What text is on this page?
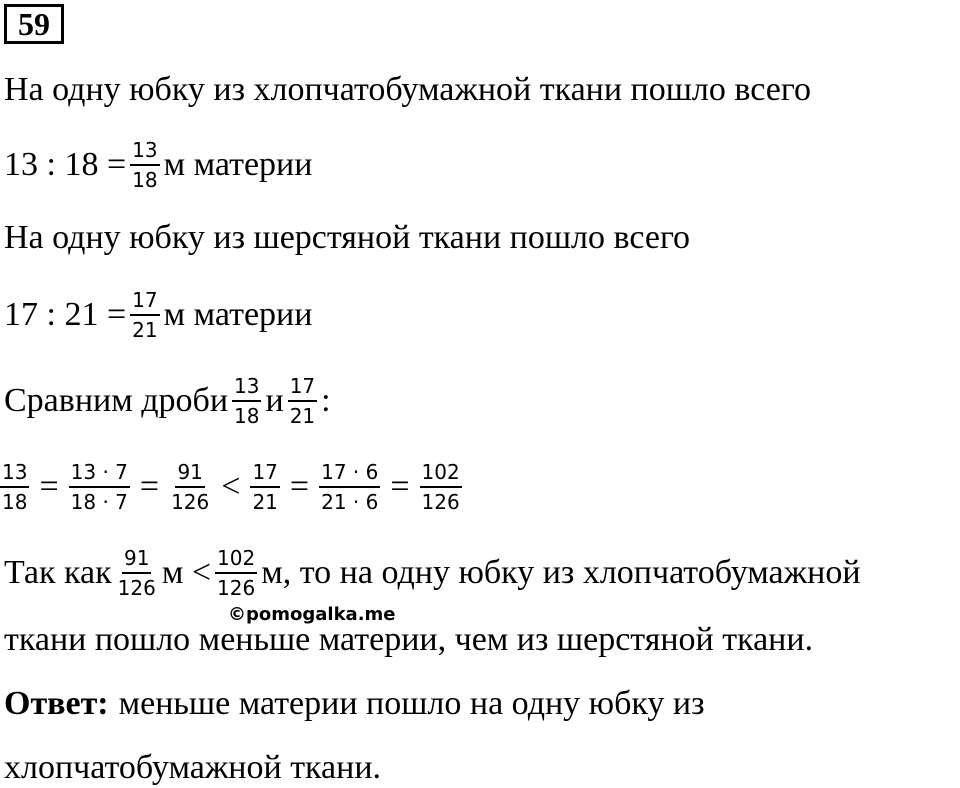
59
На одну юбку из хлопчатобумажной ткани пошло всего
13 : $18 = \frac{13}{18}$ м материи
На одну юбку из шерстяной ткани пошло всего
17 : $21 = \frac{17}{21}$ м материи
Сравним дроби $\frac{13}{18}$ и $\frac{17}{21}$ :
$\frac{13}{18} = \frac{13 \cdot 7}{18 \cdot 7} = \frac{91}{126} < \frac{17}{21} = \frac{17 \cdot 6}{21 \cdot 6} = \frac{102}{126}$
Так как $\frac{91}{126}$ $м < \frac{102}{126} м$, то на одну юбку из хлопчатобумажной
©pomogalka.me
ткани пошло меньше материи, чем из шерстяной ткани.
Ответ: меньше материи пошло на одну юбку из
хлопчатобумажной ткани.
